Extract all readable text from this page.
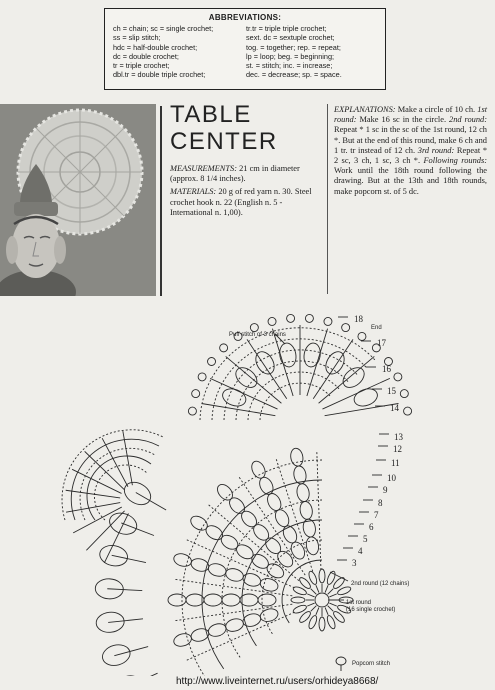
ABBREVIATIONS:
ch = chain; sc = single crochet;
ss = slip stitch;
hdc = half-double crochet;
dc = double crochet;
tr = triple crochet;
dbl.tr = double triple crochet;
tr.tr = triple triple crochet;
sext. dc = sextuple crochet;
tog. = together; rep. = repeat;
lp = loop; beg. = beginning;
st. = stitch; inc. = increase;
dec. = decrease; sp. = space.
TABLE
CENTER

MEASUREMENTS: 21 cm in diameter (approx. 8 1/4 inches).

MATERIALS: 20 g of red yarn n. 30. Steel crochet hook n. 22 (English n. 5 - International n. 1,00).

EXPLANATIONS: Make a circle of 10 ch. 1st round: Make 16 sc in the circle. 2nd round: Repeat * 1 sc in the sc of the 1st round, 12 ch *. But at the end of this round, make 6 ch and 1 tr. tr instead of 12 ch. 3rd round: Repeat * 2 sc, 3 ch, 1 sc, 3 ch *. Following rounds: Work until the 18th round following the drawing. But at the 13th and 18th rounds, make popcorn st. of 5 dc.
18
17
16
15
14
13
12
11
10
9
8
7
6
5
4
3
Puff stitch of 3 chains
End
2nd round (12 chains)
1st round
(16 single crochet)
Popcorn stitch
http://www.liveinternet.ru/users/orhideya8668/
